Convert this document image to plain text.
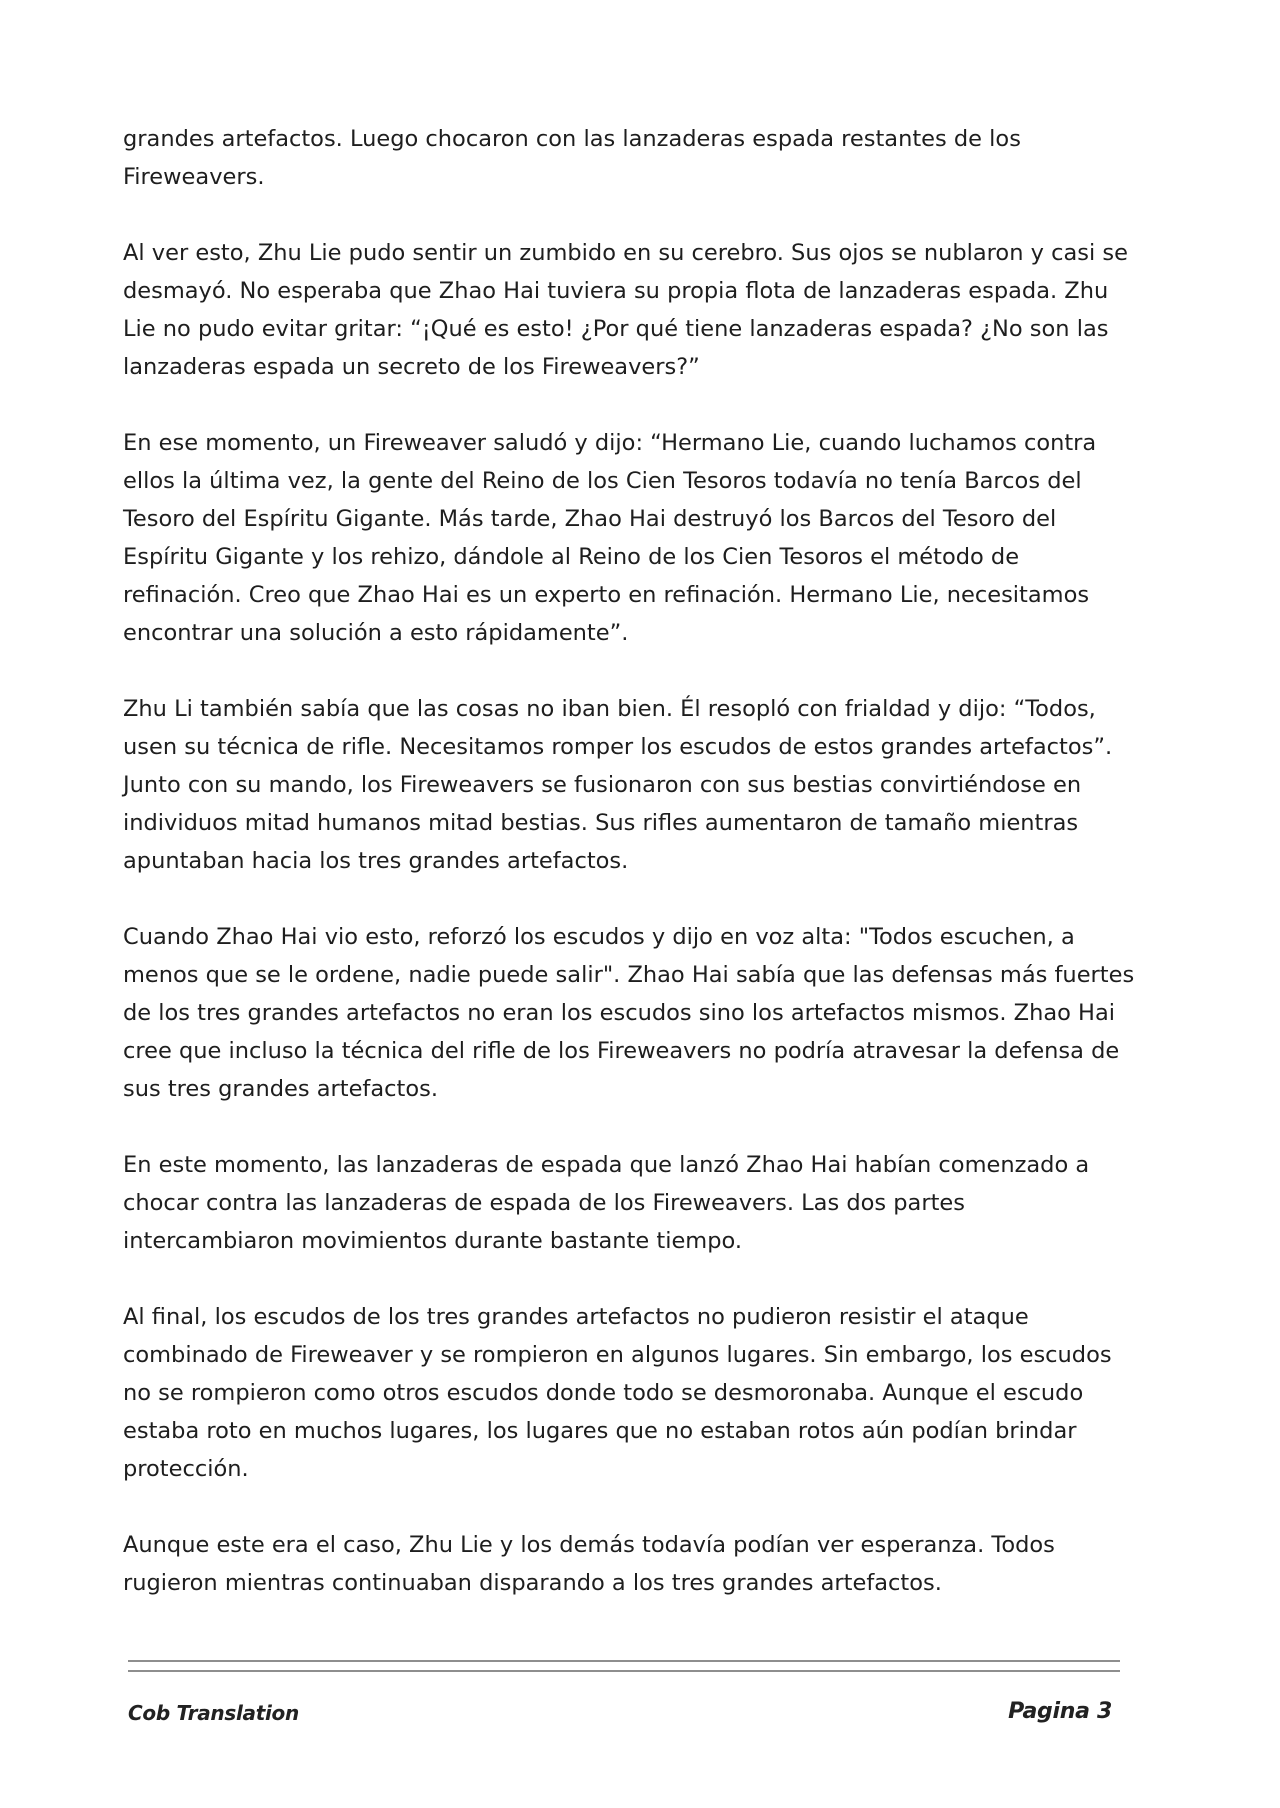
grandes artefactos. Luego chocaron con las lanzaderas espada restantes de los Fireweavers.

Al ver esto, Zhu Lie pudo sentir un zumbido en su cerebro. Sus ojos se nublaron y casi se desmayó. No esperaba que Zhao Hai tuviera su propia flota de lanzaderas espada. Zhu Lie no pudo evitar gritar: “¡Qué es esto! ¿Por qué tiene lanzaderas espada? ¿No son las lanzaderas espada un secreto de los Fireweavers?”

En ese momento, un Fireweaver saludó y dijo: “Hermano Lie, cuando luchamos contra ellos la última vez, la gente del Reino de los Cien Tesoros todavía no tenía Barcos del Tesoro del Espíritu Gigante. Más tarde, Zhao Hai destruyó los Barcos del Tesoro del Espíritu Gigante y los rehizo, dándole al Reino de los Cien Tesoros el método de refinación. Creo que Zhao Hai es un experto en refinación. Hermano Lie, necesitamos encontrar una solución a esto rápidamente”.

Zhu Li también sabía que las cosas no iban bien. Él resopló con frialdad y dijo: “Todos, usen su técnica de rifle. Necesitamos romper los escudos de estos grandes artefactos”. Junto con su mando, los Fireweavers se fusionaron con sus bestias convirtiéndose en individuos mitad humanos mitad bestias. Sus rifles aumentaron de tamaño mientras apuntaban hacia los tres grandes artefactos.

Cuando Zhao Hai vio esto, reforzó los escudos y dijo en voz alta: "Todos escuchen, a menos que se le ordene, nadie puede salir". Zhao Hai sabía que las defensas más fuertes de los tres grandes artefactos no eran los escudos sino los artefactos mismos. Zhao Hai cree que incluso la técnica del rifle de los Fireweavers no podría atravesar la defensa de sus tres grandes artefactos.

En este momento, las lanzaderas de espada que lanzó Zhao Hai habían comenzado a chocar contra las lanzaderas de espada de los Fireweavers. Las dos partes intercambiaron movimientos durante bastante tiempo.

Al final, los escudos de los tres grandes artefactos no pudieron resistir el ataque combinado de Fireweaver y se rompieron en algunos lugares. Sin embargo, los escudos no se rompieron como otros escudos donde todo se desmoronaba. Aunque el escudo estaba roto en muchos lugares, los lugares que no estaban rotos aún podían brindar protección.

Aunque este era el caso, Zhu Lie y los demás todavía podían ver esperanza. Todos rugieron mientras continuaban disparando a los tres grandes artefactos.

Cob Translation	Pagina 3
